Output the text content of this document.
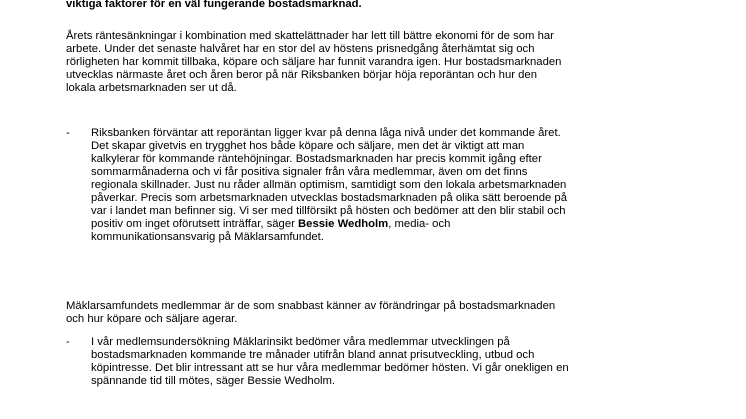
viktiga faktorer för en väl fungerande bostadsmarknad.
Årets räntesänkningar i kombination med skattelättnader har lett till bättre ekonomi för de som har
arbete. Under det senaste halvåret har en stor del av höstens prisnedgång återhämtat sig och
rörligheten har kommit tillbaka, köpare och säljare har funnit varandra igen. Hur bostadsmarknaden
utvecklas närmaste året och åren beror på när Riksbanken börjar höja reporäntan och hur den
lokala arbetsmarknaden ser ut då.
- Riksbanken förväntar att reporäntan ligger kvar på denna låga nivå under det kommande året.
Det skapar givetvis en trygghet hos både köpare och säljare, men det är viktigt att man
kalkylerar för kommande räntehöjningar. Bostadsmarknaden har precis kommit igång efter
sommarmånaderna och vi får positiva signaler från våra medlemmar, även om det finns
regionala skillnader. Just nu råder allmän optimism, samtidigt som den lokala arbetsmarknaden
påverkar. Precis som arbetsmarknaden utvecklas bostadsmarknaden på olika sätt beroende på
var i landet man befinner sig. Vi ser med tillförsikt på hösten och bedömer att den blir stabil och
positiv om inget oförutsett inträffar, säger Bessie Wedholm, media- och
kommunikationsansvarig på Mäklarsamfundet.
Mäklarsamfundets medlemmar är de som snabbast känner av förändringar på bostadsmarknaden
och hur köpare och säljare agerar.
- I vår medlemsundersökning Mäklarinsikt bedömer våra medlemmar utvecklingen på
bostadsmarknaden kommande tre månader utifrån bland annat prisutveckling, utbud och
köpintresse. Det blir intressant att se hur våra medlemmar bedömer hösten. Vi går onekligen en
spännande tid till mötes, säger Bessie Wedholm.
